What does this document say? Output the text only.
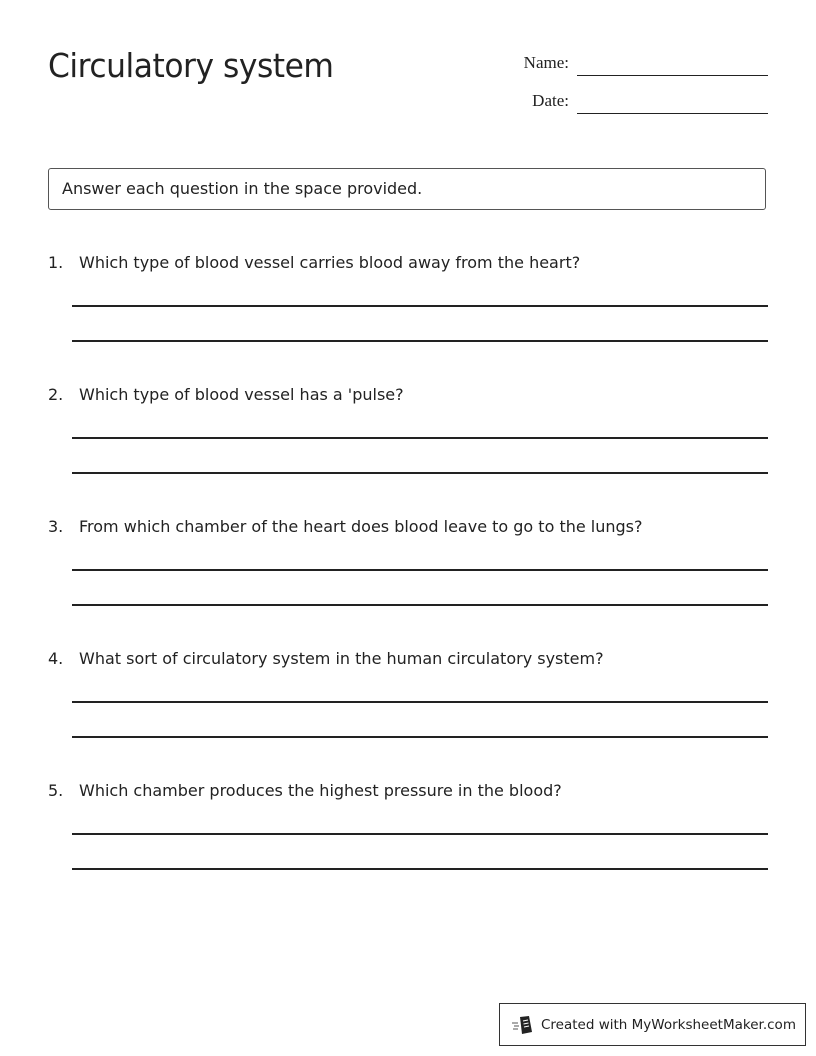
Circulatory system	Name:
Date:
Answer each question in the space provided.
1. Which type of blood vessel carries blood away from the heart?
2. Which type of blood vessel has a 'pulse?
3. From which chamber of the heart does blood leave to go to the lungs?
4. What sort of circulatory system in the human circulatory system?
5. Which chamber produces the highest pressure in the blood?
Created with MyWorksheetMaker.com
